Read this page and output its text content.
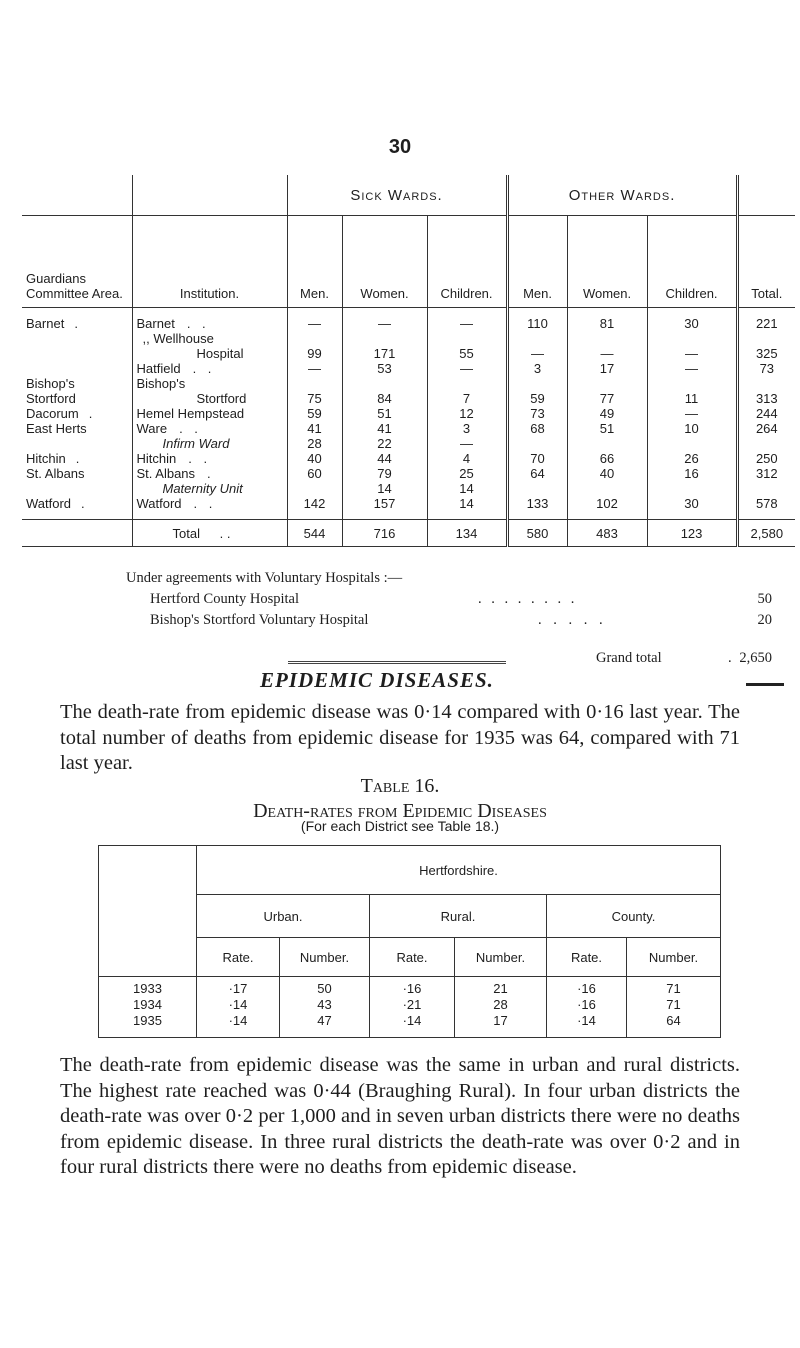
30
		Sick Wards.			Other Wards.			
Guardians Committee Area.	Institution.	Men.	Women.	Children.	Men.	Women.	Children.	Total.
Barnet .	Barnet . .	—	—	—	110	81	30	221
	,, Wellhouse							
	Hospital	99	171	55	—	—	—	325
	Hatfield . .	—	53	—	3	17	—	73
Bishop's	Bishop's							
Stortford	Stortford	75	84	7	59	77	11	313
Dacorum .	Hemel Hempstead	59	51	12	73	49	—	244
East Herts	Ware . .	41	41	3	68	51	10	264
	Infirm Ward	28	22	—				
Hitchin .	Hitchin . .	40	44	4	70	66	26	250
St. Albans	St. Albans .	60	79	25	64	40	16	312
	Maternity Unit		14	14				
Watford .	Watford . .	142	157	14	133	102	30	578
	Total . .	544	716	134	580	483	123	2,580
Under agreements with Voluntary Hospitals :—
Hertford County Hospital	. . . . . . . .	50
Bishop's Stortford Voluntary Hospital	. . . . .	20
Grand total	. 2,650
EPIDEMIC DISEASES.
The death-rate from epidemic disease was 0·14 compared with 0·16 last year. The total number of deaths from epidemic disease for 1935 was 64, compared with 71 last year.
Table 16.
Death-rates from Epidemic Diseases
(For each District see Table 18.)
	Hertfordshire.					
	Urban.		Rural.		County.	
	Rate.	Number.	Rate.	Number.	Rate.	Number.
1933	·17	50	·16	21	·16	71
1934	·14	43	·21	28	·16	71
1935	·14	47	·14	17	·14	64
The death-rate from epidemic disease was the same in urban and rural districts. The highest rate reached was 0·44 (Braughing Rural). In four urban districts the death-rate was over 0·2 per 1,000 and in seven urban districts there were no deaths from epidemic disease. In three rural districts the death-rate was over 0·2 and in four rural districts there were no deaths from epidemic disease.
